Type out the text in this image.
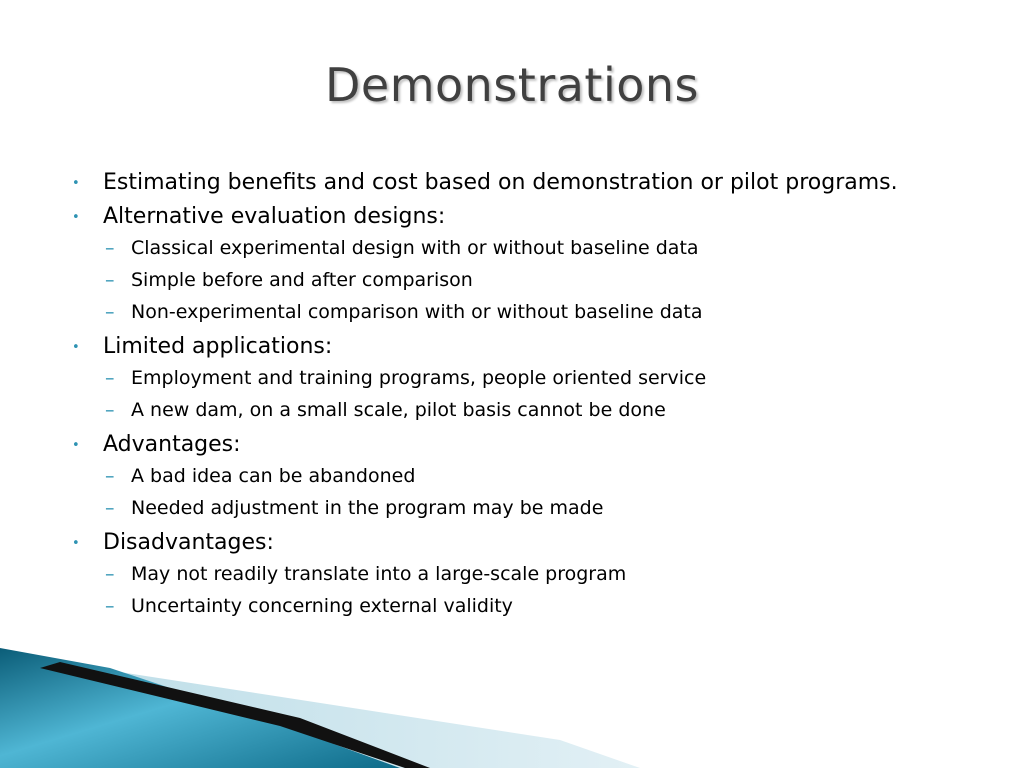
Demonstrations
• Estimating benefits and cost based on demonstration or pilot programs.
• Alternative evaluation designs:
– Classical experimental design with or without baseline data
– Simple before and after comparison
– Non-experimental comparison with or without baseline data
• Limited applications:
– Employment and training programs, people oriented service
– A new dam, on a small scale, pilot basis cannot be done
• Advantages:
– A bad idea can be abandoned
– Needed adjustment in the program may be made
• Disadvantages:
– May not readily translate into a large-scale program
– Uncertainty concerning external validity
